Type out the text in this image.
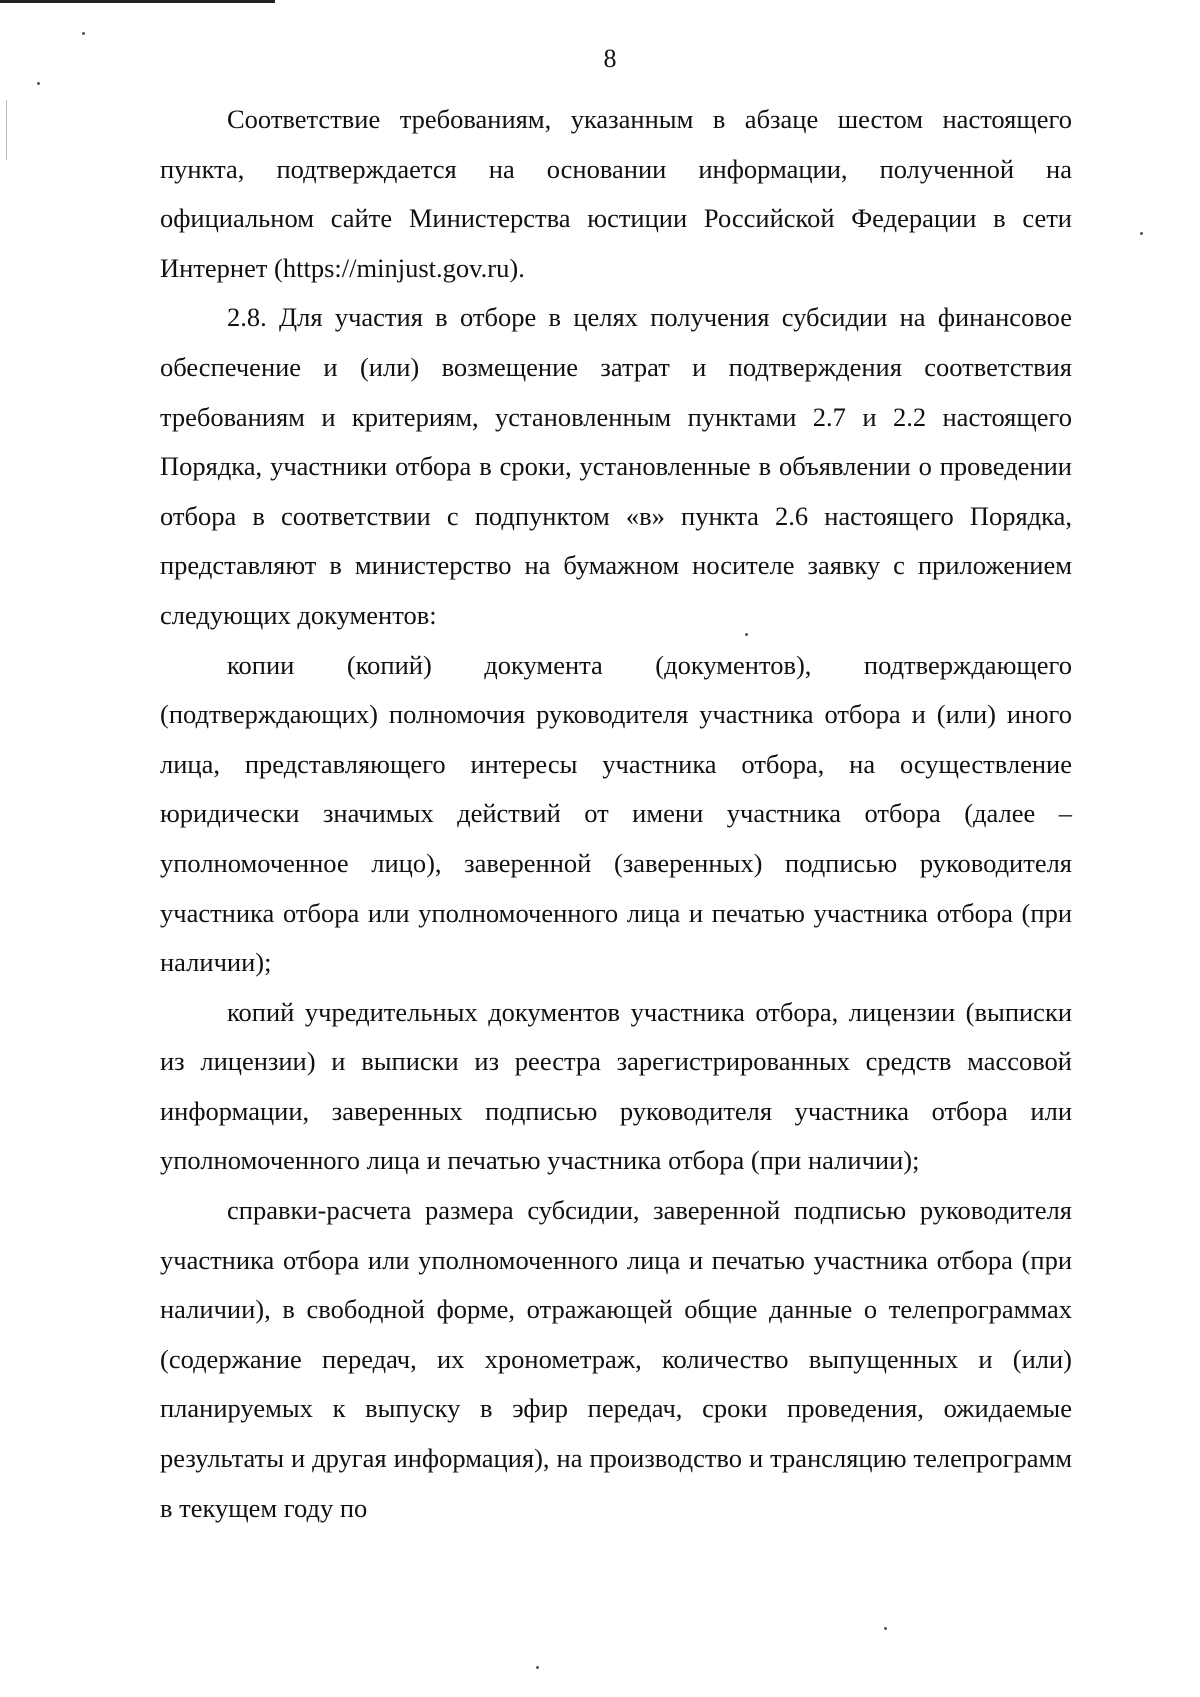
8

Соответствие требованиям, указанным в абзаце шестом настоящего пункта, подтверждается на основании информации, полученной на официальном сайте Министерства юстиции Российской Федерации в сети Интернет (https://minjust.gov.ru).

2.8. Для участия в отборе в целях получения субсидии на финансовое обеспечение и (или) возмещение затрат и подтверждения соответствия требованиям и критериям, установленным пунктами 2.7 и 2.2 настоящего Порядка, участники отбора в сроки, установленные в объявлении о проведении отбора в соответствии с подпунктом «в» пункта 2.6 настоящего Порядка, представляют в министерство на бумажном носителе заявку с приложением следующих документов:

копии (копий) документа (документов), подтверждающего (подтверждающих) полномочия руководителя участника отбора и (или) иного лица, представляющего интересы участника отбора, на осуществление юридически значимых действий от имени участника отбора (далее – уполномоченное лицо), заверенной (заверенных) подписью руководителя участника отбора или уполномоченного лица и печатью участника отбора (при наличии);

копий учредительных документов участника отбора, лицензии (выписки из лицензии) и выписки из реестра зарегистрированных средств массовой информации, заверенных подписью руководителя участника отбора или уполномоченного лица и печатью участника отбора (при наличии);

справки-расчета размера субсидии, заверенной подписью руководителя участника отбора или уполномоченного лица и печатью участника отбора (при наличии), в свободной форме, отражающей общие данные о телепрограммах (содержание передач, их хронометраж, количество выпущенных и (или) планируемых к выпуску в эфир передач, сроки проведения, ожидаемые результаты и другая информация), на производство и трансляцию телепрограмм в текущем году по
